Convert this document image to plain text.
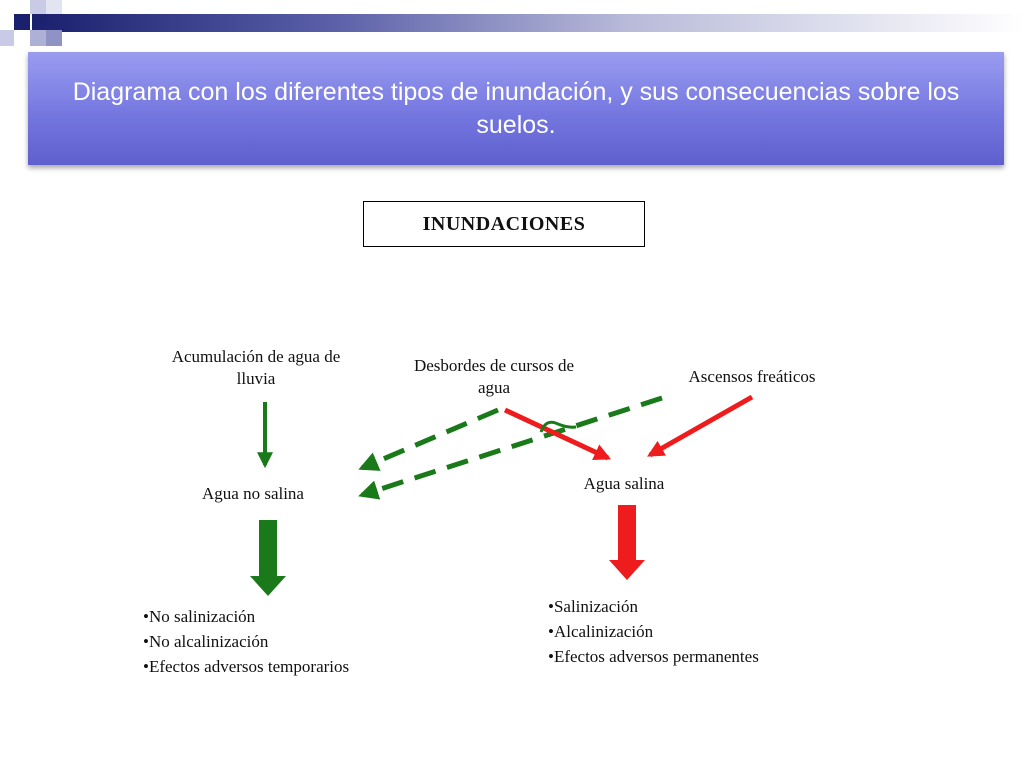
Diagrama con los diferentes tipos de inundación, y sus consecuencias sobre los suelos.
INUNDACIONES
Acumulación de agua de lluvia
Desbordes de cursos de agua
Ascensos freáticos
Agua no salina
Agua salina
•No salinización
•No alcalinización
•Efectos adversos temporarios
•Salinización
•Alcalinización
•Efectos adversos permanentes
